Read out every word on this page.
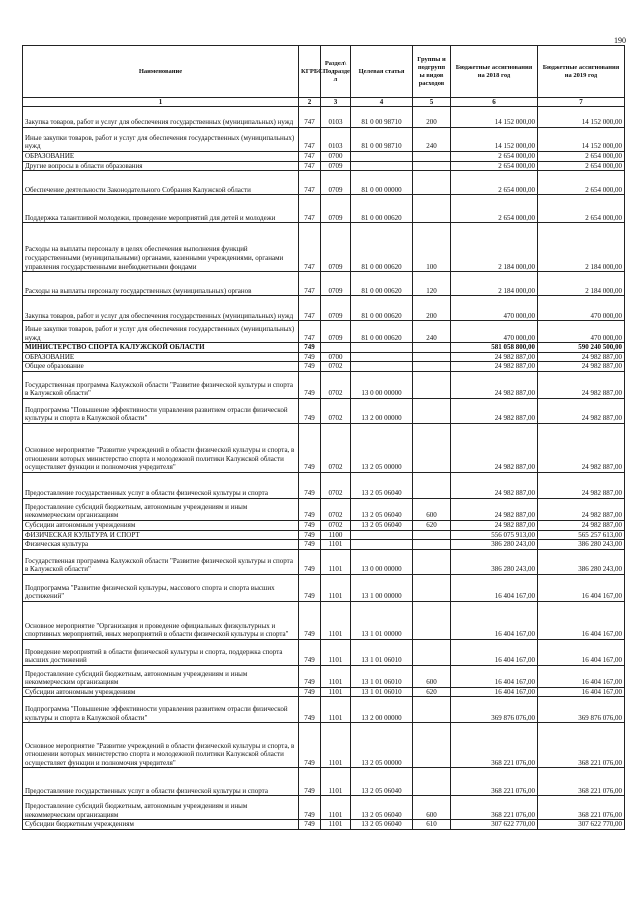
190
Наименование	КГРБС	Раздел\ Подразде л	Целевая статья	Группы и подгрупп ы видов расходов	Бюджетные ассигнования на 2018 год	Бюджетные ассигнования на 2019 год
1	2	3	4	5	6	7
Закупка товаров, работ и услуг для обеспечения государственных (муниципальных) нужд	747	0103	81 0 00 98710	200	14 152 000,00	14 152 000,00
Иные закупки товаров, работ и услуг для обеспечения государственных (муниципальных) нужд	747	0103	81 0 00 98710	240	14 152 000,00	14 152 000,00
ОБРАЗОВАНИЕ	747	0700			2 654 000,00	2 654 000,00
Другие вопросы в области образования	747	0709			2 654 000,00	2 654 000,00
Обеспечение деятельности Законодательного Собрания Калужской области	747	0709	81 0 00 00000		2 654 000,00	2 654 000,00
Поддержка талантливой молодежи, проведение мероприятий для детей и молодежи	747	0709	81 0 00 00620		2 654 000,00	2 654 000,00
Расходы на выплаты персоналу в целях обеспечения выполнения функций государственными (муниципальными) органами, казенными учреждениями, органами управления государственными внебюджетными фондами	747	0709	81 0 00 00620	100	2 184 000,00	2 184 000,00
Расходы на выплаты персоналу государственных (муниципальных) органов	747	0709	81 0 00 00620	120	2 184 000,00	2 184 000,00
Закупка товаров, работ и услуг для обеспечения государственных (муниципальных) нужд	747	0709	81 0 00 00620	200	470 000,00	470 000,00
Иные закупки товаров, работ и услуг для обеспечения государственных (муниципальных) нужд	747	0709	81 0 00 00620	240	470 000,00	470 000,00
МИНИСТЕРСТВО СПОРТА КАЛУЖСКОЙ ОБЛАСТИ	749				581 058 800,00	590 240 500,00
ОБРАЗОВАНИЕ	749	0700			24 982 887,00	24 982 887,00
Общее образование	749	0702			24 982 887,00	24 982 887,00
Государственная программа Калужской области "Развитие физической культуры и спорта в Калужской области"	749	0702	13 0 00 00000		24 982 887,00	24 982 887,00
Подпрограмма "Повышение эффективности управления развитием отрасли физической культуры и спорта в Калужской области"	749	0702	13 2 00 00000		24 982 887,00	24 982 887,00
Основное мероприятие "Развитие учреждений в области физической культуры и спорта, в отношении которых министерство спорта и молодежной политики Калужской области осуществляет функции и полномочия учредителя"	749	0702	13 2 05 00000		24 982 887,00	24 982 887,00
Предоставление государственных услуг в области физической культуры и спорта	749	0702	13 2 05 06040		24 982 887,00	24 982 887,00
Предоставление субсидий бюджетным, автономным учреждениям и иным некоммерческим организациям	749	0702	13 2 05 06040	600	24 982 887,00	24 982 887,00
Субсидии автономным учреждениям	749	0702	13 2 05 06040	620	24 982 887,00	24 982 887,00
ФИЗИЧЕСКАЯ КУЛЬТУРА И СПОРТ	749	1100			556 075 913,00	565 257 613,00
Физическая культура	749	1101			386 280 243,00	386 280 243,00
Государственная программа Калужской области "Развитие физической культуры и спорта в Калужской области"	749	1101	13 0 00 00000		386 280 243,00	386 280 243,00
Подпрограмма "Развитие физической культуры, массового спорта и спорта высших достижений"	749	1101	13 1 00 00000		16 404 167,00	16 404 167,00
Основное мероприятие "Организация и проведение официальных физкультурных и спортивных мероприятий, иных мероприятий в области физической культуры и спорта"	749	1101	13 1 01 00000		16 404 167,00	16 404 167,00
Проведение мероприятий в области физической культуры и спорта, поддержка спорта высших достижений	749	1101	13 1 01 06010		16 404 167,00	16 404 167,00
Предоставление субсидий бюджетным, автономным учреждениям и иным некоммерческим организациям	749	1101	13 1 01 06010	600	16 404 167,00	16 404 167,00
Субсидии автономным учреждениям	749	1101	13 1 01 06010	620	16 404 167,00	16 404 167,00
Подпрограмма "Повышение эффективности управления развитием отрасли физической культуры и спорта в Калужской области"	749	1101	13 2 00 00000		369 876 076,00	369 876 076,00
Основное мероприятие "Развитие учреждений в области физической культуры и спорта, в отношении которых министерство спорта и молодежной политики Калужской области осуществляет функции и полномочия учредителя"	749	1101	13 2 05 00000		368 221 076,00	368 221 076,00
Предоставление государственных услуг в области физической культуры и спорта	749	1101	13 2 05 06040		368 221 076,00	368 221 076,00
Предоставление субсидий бюджетным, автономным учреждениям и иным некоммерческим организациям	749	1101	13 2 05 06040	600	368 221 076,00	368 221 076,00
Субсидии бюджетным учреждениям	749	1101	13 2 05 06040	610	307 622 770,00	307 622 770,00
